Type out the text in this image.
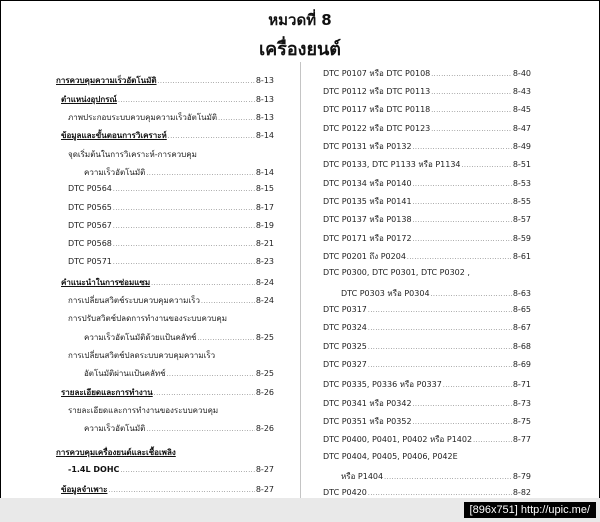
หมวดที่ 8
เครื่องยนต์
การควบคุมความเร็วอัตโนมัติ .....	8-13
ตำแหน่งอุปกรณ์ .....	8-13
ภาพประกอบระบบควบคุมความเร็วอัตโนมัติ .....	8-13
ข้อมูลและขั้นตอนการวิเคราะห์ .....	8-14
จุดเริ่มต้นในการวิเคราะห์-การควบคุม
ความเร็วอัตโนมัติ .....	8-14
DTC P0564 .....	8-15
DTC P0565 .....	8-17
DTC P0567 .....	8-19
DTC P0568 .....	8-21
DTC P0571 .....	8-23
คำแนะนำในการซ่อมแซม .....	8-24
การเปลี่ยนสวิตช์ระบบควบคุมความเร็ว .....	8-24
การปรับสวิตช์ปลดการทำงานของระบบควบคุม
ความเร็วอัตโนมัติด้วยแป้นคลัทช์ .....	8-25
การเปลี่ยนสวิตช์ปลดระบบควบคุมความเร็ว
อัตโนมัติผ่านแป้นคลัทช์ .....	8-25
รายละเอียดและการทำงาน .....	8-26
รายละเอียดและการทำงานของระบบควบคุม
ความเร็วอัตโนมัติ .....	8-26
การควบคุมเครื่องยนต์และเชื้อเพลิง
-1.4L DOHC .....	8-27
ข้อมูลจำเพาะ .....	8-27
DTC P0107 หรือ DTC P0108 .....	8-40
DTC P0112 หรือ DTC P0113 .....	8-43
DTC P0117 หรือ DTC P0118 .....	8-45
DTC P0122 หรือ DTC P0123 .....	8-47
DTC P0131 หรือ P0132 .....	8-49
DTC P0133, DTC P1133 หรือ P1134 .....	8-51
DTC P0134 หรือ P0140 .....	8-53
DTC P0135 หรือ P0141 .....	8-55
DTC P0137 หรือ P0138 .....	8-57
DTC P0171 หรือ P0172 .....	8-59
DTC P0201 ถึง P0204 .....	8-61
DTC P0300, DTC P0301, DTC P0302 ,
DTC P0303 หรือ P0304 .....	8-63
DTC P0317 .....	8-65
DTC P0324 .....	8-67
DTC P0325 .....	8-68
DTC P0327 .....	8-69
DTC P0335, P0336 หรือ P0337 .....	8-71
DTC P0341 หรือ P0342 .....	8-73
DTC P0351 หรือ P0352 .....	8-75
DTC P0400, P0401, P0402 หรือ P1402 .....	8-77
DTC P0404, P0405, P0406, P042E
หรือ P1404 .....	8-79
DTC P0420 .....	8-82
[896x751] http://upic.me/
